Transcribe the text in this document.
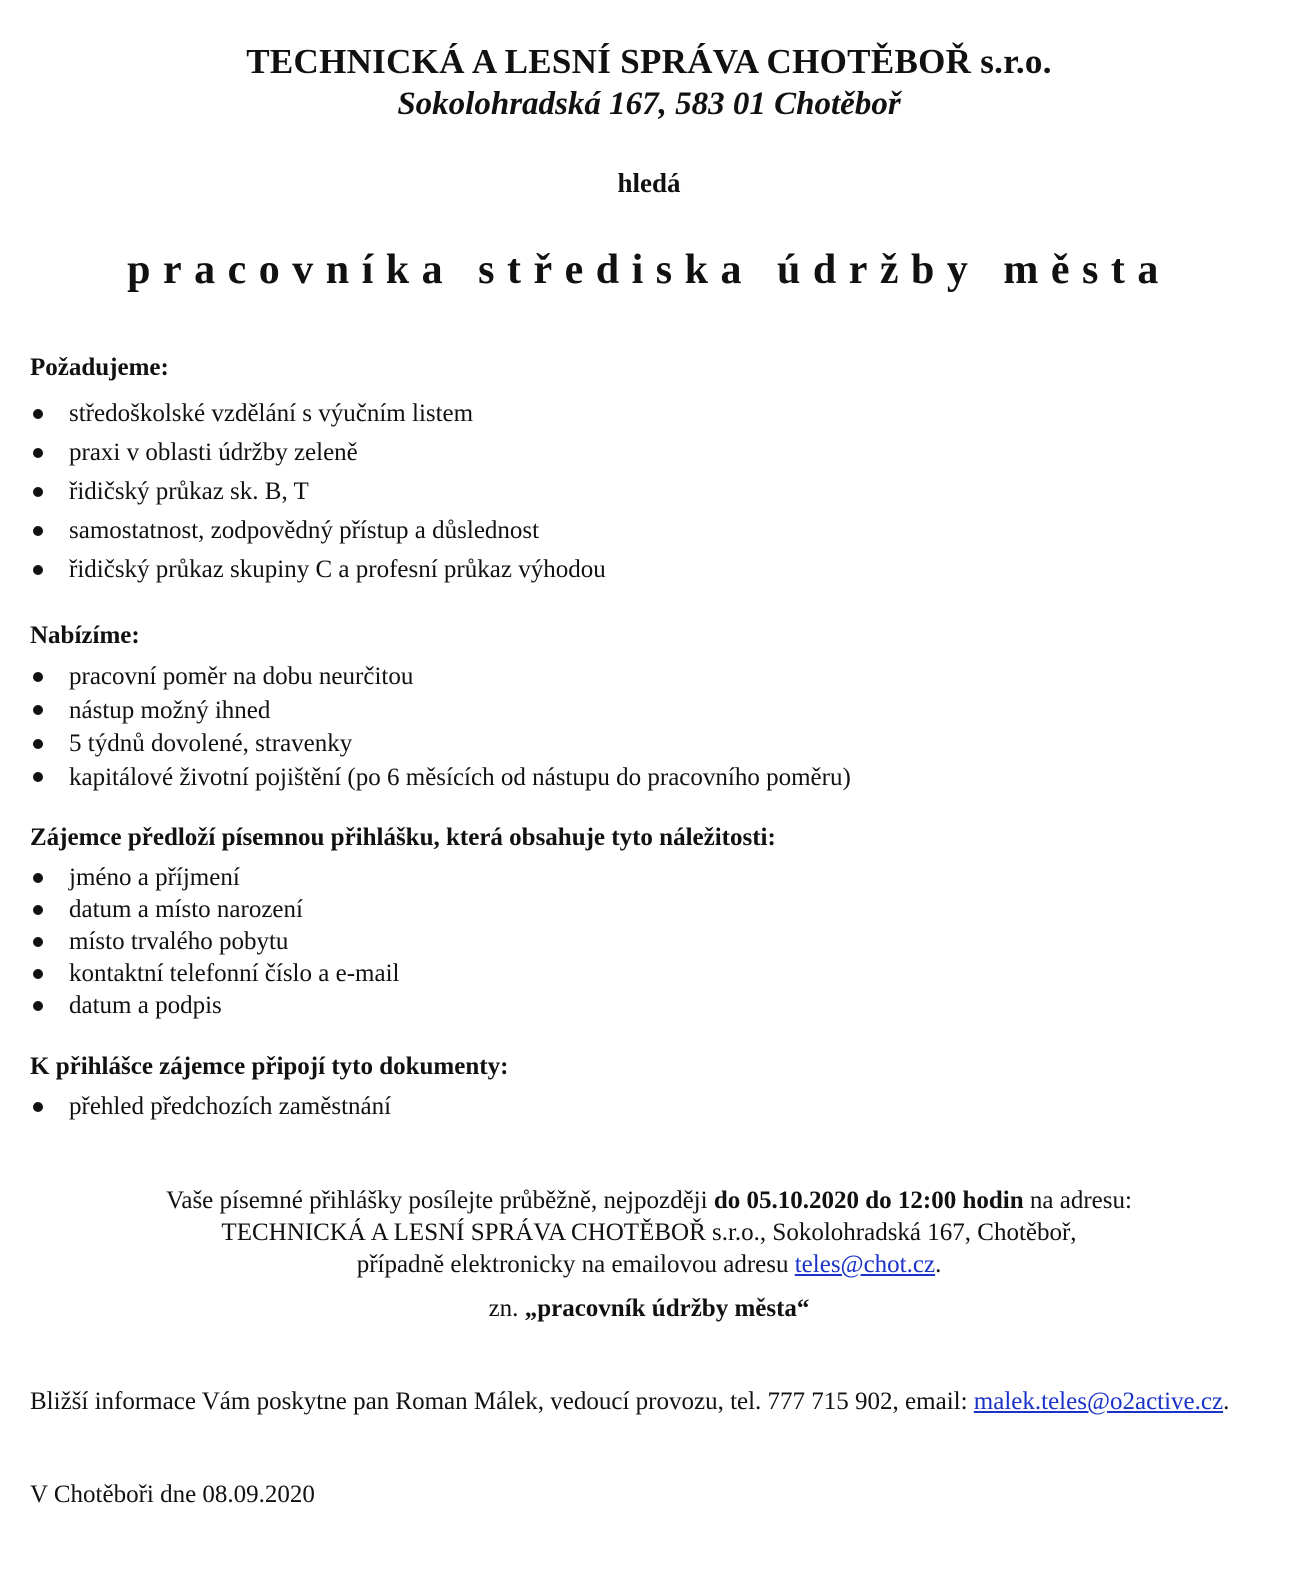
TECHNICKÁ A LESNÍ SPRÁVA CHOTĚBOŘ s.r.o.
Sokolohradská 167, 583 01 Chotěboř
hledá
pracovníka střediska údržby města
Požadujeme:
středoškolské vzdělání s výučním listem
praxi v oblasti údržby zeleně
řidičský průkaz sk. B, T
samostatnost, zodpovědný přístup a důslednost
řidičský průkaz skupiny C a profesní průkaz výhodou
Nabízíme:
pracovní poměr na dobu neurčitou
nástup možný ihned
5 týdnů dovolené, stravenky
kapitálové životní pojištění (po 6 měsících od nástupu do pracovního poměru)
Zájemce předloží písemnou přihlášku, která obsahuje tyto náležitosti:
jméno a příjmení
datum a místo narození
místo trvalého pobytu
kontaktní telefonní číslo a e-mail
datum a podpis
K přihlášce zájemce připojí tyto dokumenty:
přehled předchozích zaměstnání
Vaše písemné přihlášky posílejte průběžně, nejpozději do 05.10.2020 do 12:00 hodin na adresu:
TECHNICKÁ A LESNÍ SPRÁVA CHOTĚBOŘ s.r.o., Sokolohradská 167, Chotěboř,
případně elektronicky na emailovou adresu teles@chot.cz.
zn. „pracovník údržby města“
Bližší informace Vám poskytne pan Roman Málek, vedoucí provozu, tel. 777 715 902, email: malek.teles@o2active.cz.
V Chotěboři dne 08.09.2020
